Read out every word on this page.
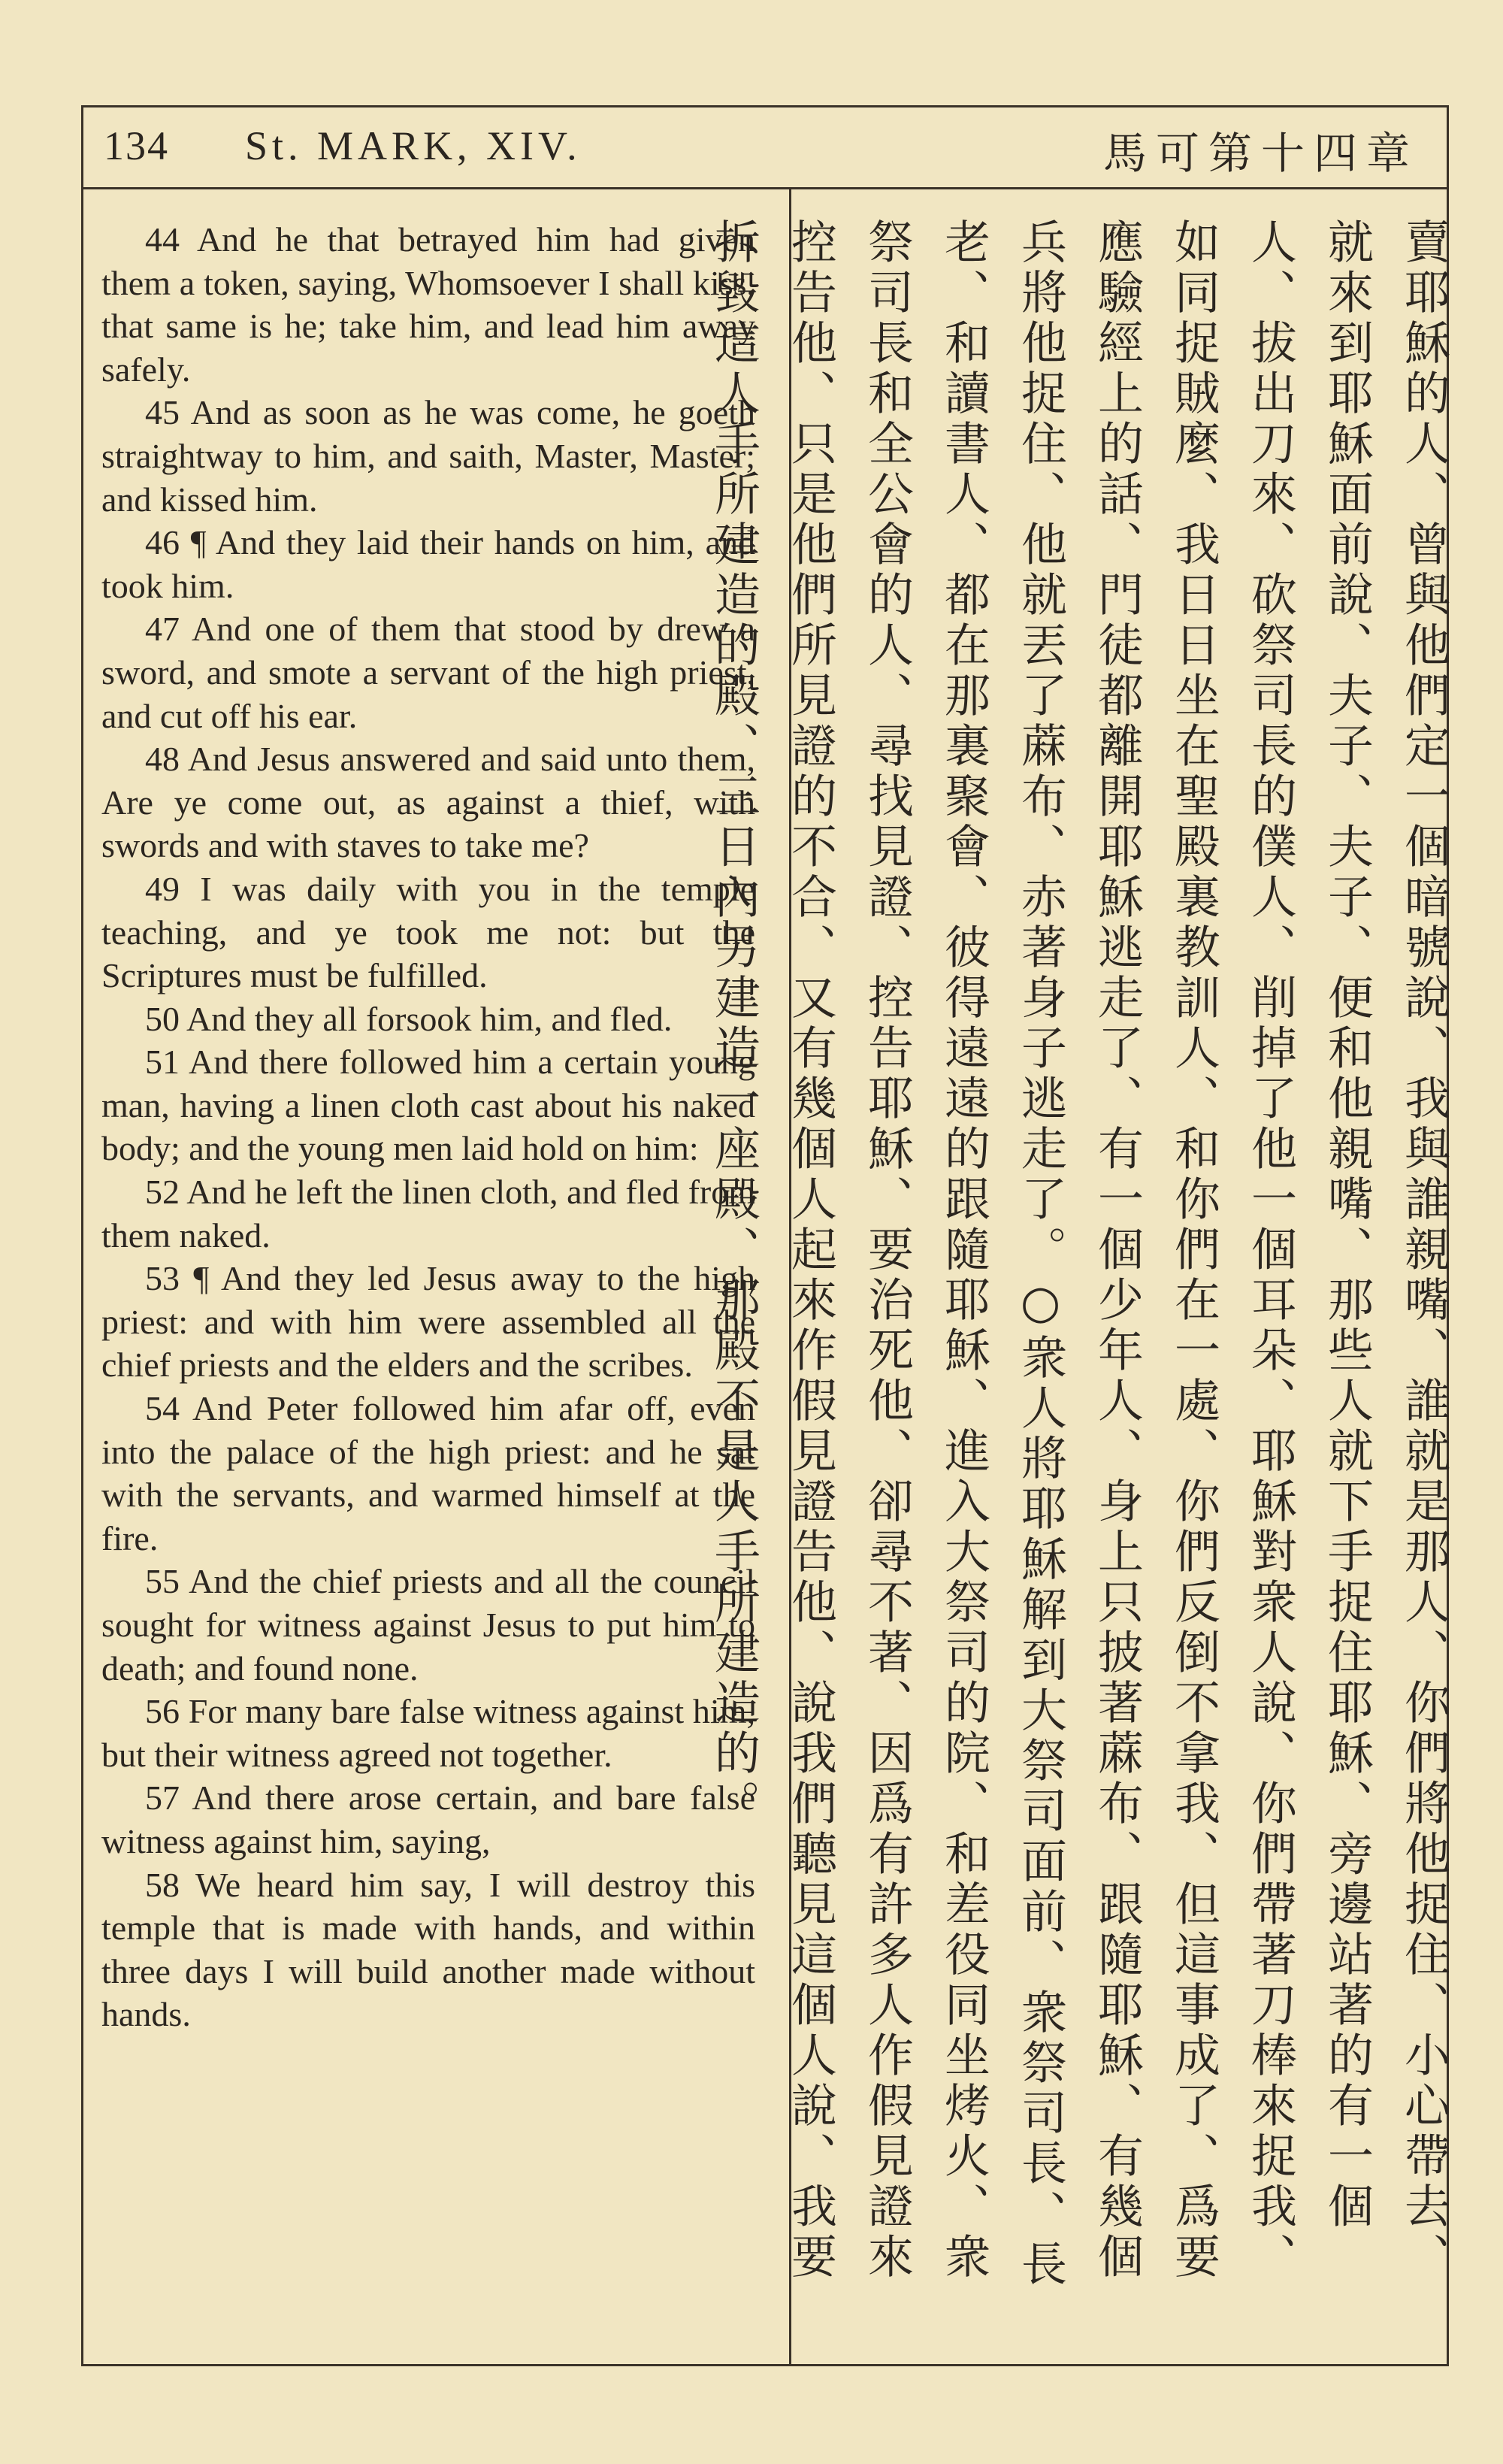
134 St. MARK, XIV.	馬可第十四章

44 And he that betrayed him had given them a token, saying, Whomsoever I shall kiss, that same is he; take him, and lead him away safely.

45 And as soon as he was come, he goeth straightway to him, and saith, Master, Master; and kissed him.

46 ¶ And they laid their hands on him, and took him.

47 And one of them that stood by drew a sword, and smote a servant of the high priest, and cut off his ear.

48 And Jesus answered and said unto them, Are ye come out, as against a thief, with swords and with staves to take me?

49 I was daily with you in the temple teaching, and ye took me not: but the Scriptures must be fulfilled.

50 And they all forsook him, and fled.

51 And there followed him a certain young man, having a linen cloth cast about his naked body; and the young men laid hold on him:

52 And he left the linen cloth, and fled from them naked.

53 ¶ And they led Jesus away to the high priest: and with him were assembled all the chief priests and the elders and the scribes.

54 And Peter followed him afar off, even into the palace of the high priest: and he sat with the servants, and warmed himself at the fire.

55 And the chief priests and all the council sought for witness against Jesus to put him to death; and found none.

56 For many bare false witness against him, but their witness agreed not together.

57 And there arose certain, and bare false witness against him, saying,

58 We heard him say, I will destroy this temple that is made with hands, and within three days I will build another made without hands.	賣耶穌的人、曾與他們定一個暗號說、我與誰親嘴、誰就是那人、你們將他捉住、小心帶去、就來到耶穌面前說、夫子、夫子、便和他親嘴、那些人就下手捉住耶穌、旁邊站著的有一個人、拔出刀來、砍祭司長的僕人、削掉了他一個耳朵、耶穌對衆人說、你們帶著刀棒來捉我、如同捉賊麼、我日日坐在聖殿裏教訓人、和你們在一處、你們反倒不拿我、但這事成了、爲要應驗經上的話、門徒都離開耶穌逃走了、有一個少年人、身上只披著蔴布、跟隨耶穌、有幾個兵將他捉住、他就丟了蔴布、赤著身子逃走了。○衆人將耶穌解到大祭司面前、衆祭司長、長老、和讀書人、都在那裏聚會、彼得遠遠的跟隨耶穌、進入大祭司的院、和差役同坐烤火、衆祭司長和全公會的人、尋找見證、控告耶穌、要治死他、卻尋不著、因爲有許多人作假見證來控告他、只是他們所見證的不合、又有幾個人起來作假見證告他、說我們聽見這個人說、我要拆毀這人手所建造的殿、三日內另建造一座殿、那殿不是人手所建造的。
